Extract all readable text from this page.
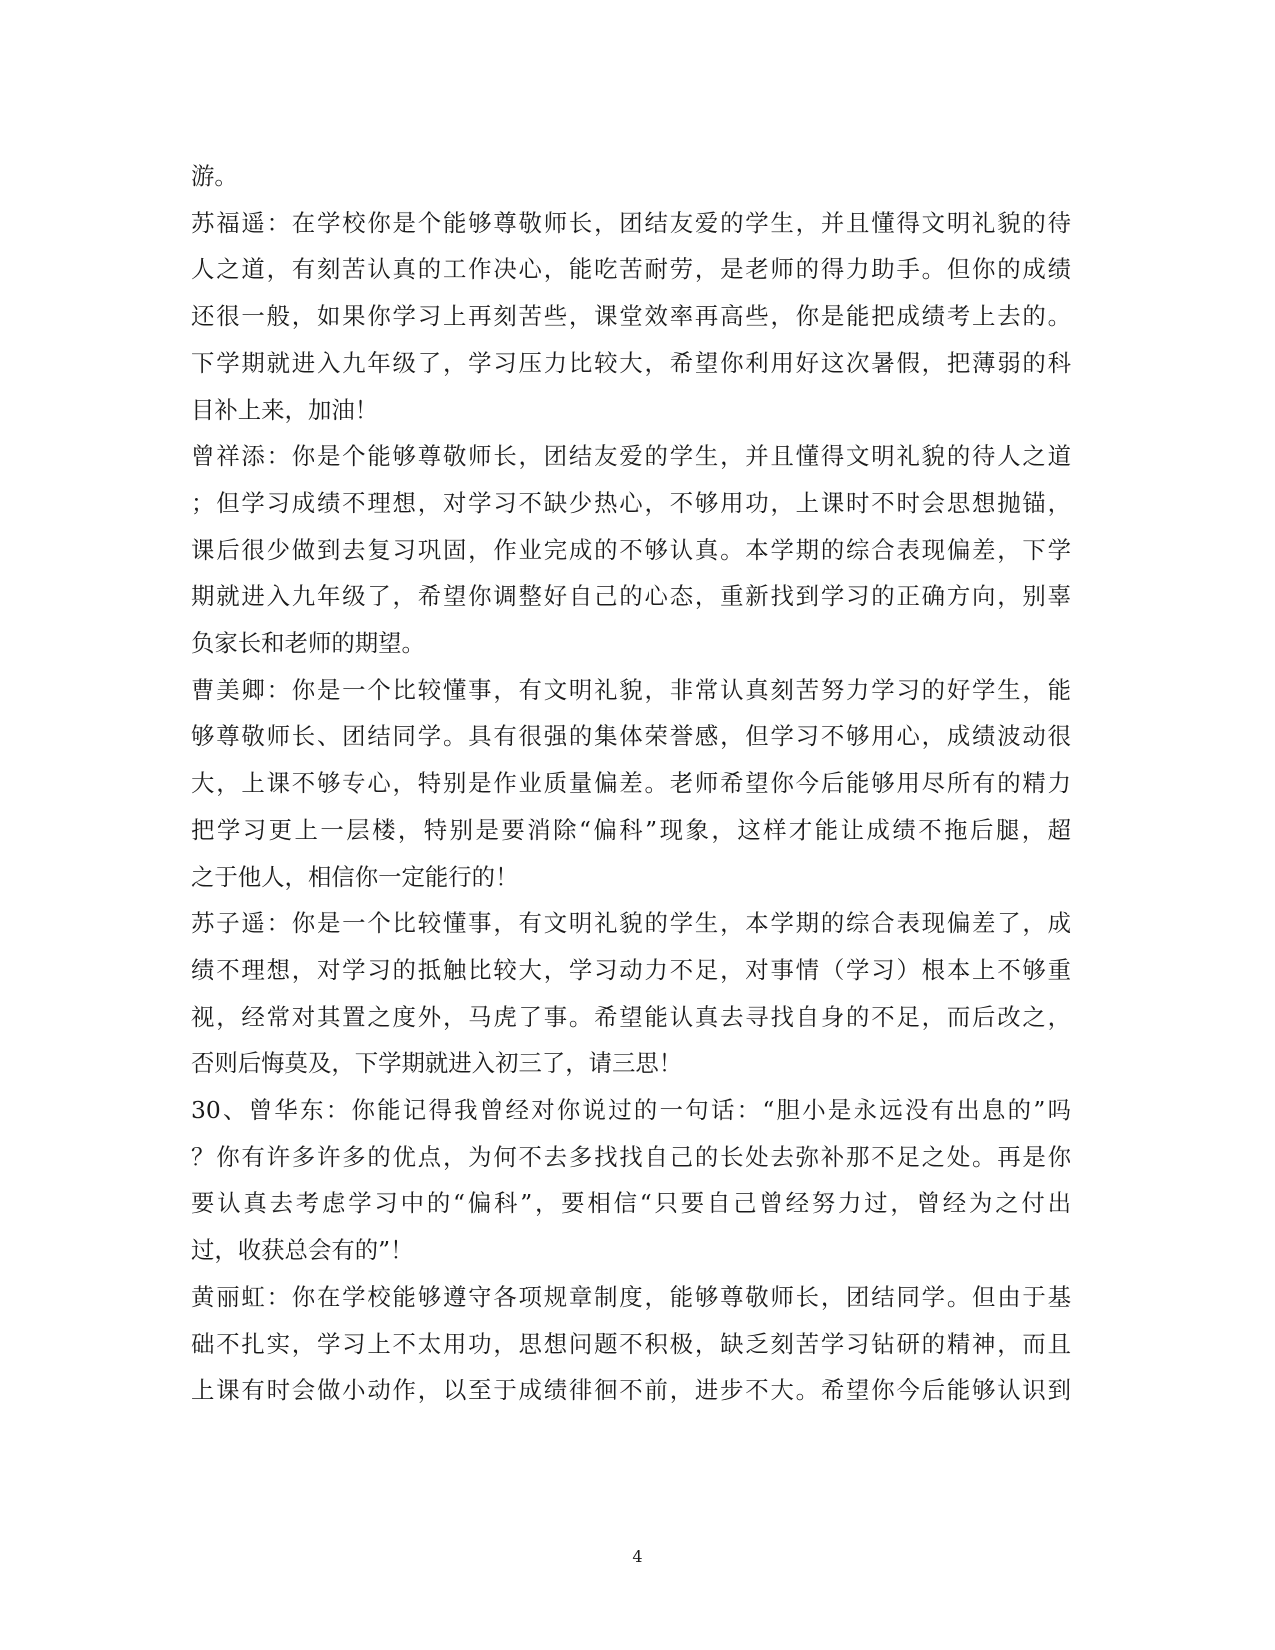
游。
苏福遥：在学校你是个能够尊敬师长，团结友爱的学生，并且懂得文明礼貌的待
人之道，有刻苦认真的工作决心，能吃苦耐劳，是老师的得力助手。但你的成绩
还很一般，如果你学习上再刻苦些，课堂效率再高些，你是能把成绩考上去的。
下学期就进入九年级了，学习压力比较大，希望你利用好这次暑假，把薄弱的科
目补上来，加油！
曾祥添：你是个能够尊敬师长，团结友爱的学生，并且懂得文明礼貌的待人之道
；但学习成绩不理想，对学习不缺少热心，不够用功，上课时不时会思想抛锚，
课后很少做到去复习巩固，作业完成的不够认真。本学期的综合表现偏差，下学
期就进入九年级了，希望你调整好自己的心态，重新找到学习的正确方向，别辜
负家长和老师的期望。
曹美卿：你是一个比较懂事，有文明礼貌，非常认真刻苦努力学习的好学生，能
够尊敬师长、团结同学。具有很强的集体荣誉感，但学习不够用心，成绩波动很
大，上课不够专心，特别是作业质量偏差。老师希望你今后能够用尽所有的精力
把学习更上一层楼，特别是要消除“偏科”现象，这样才能让成绩不拖后腿，超
之于他人，相信你一定能行的！
苏子遥：你是一个比较懂事，有文明礼貌的学生，本学期的综合表现偏差了，成
绩不理想，对学习的抵触比较大，学习动力不足，对事情（学习）根本上不够重
视，经常对其置之度外，马虎了事。希望能认真去寻找自身的不足，而后改之，
否则后悔莫及，下学期就进入初三了，请三思！
30、曾华东：你能记得我曾经对你说过的一句话：“胆小是永远没有出息的”吗
？你有许多许多的优点，为何不去多找找自己的长处去弥补那不足之处。再是你
要认真去考虑学习中的“偏科”，要相信“只要自己曾经努力过，曾经为之付出
过，收获总会有的”！
黄丽虹：你在学校能够遵守各项规章制度，能够尊敬师长，团结同学。但由于基
础不扎实，学习上不太用功，思想问题不积极，缺乏刻苦学习钻研的精神，而且
上课有时会做小动作，以至于成绩徘徊不前，进步不大。希望你今后能够认识到
4
